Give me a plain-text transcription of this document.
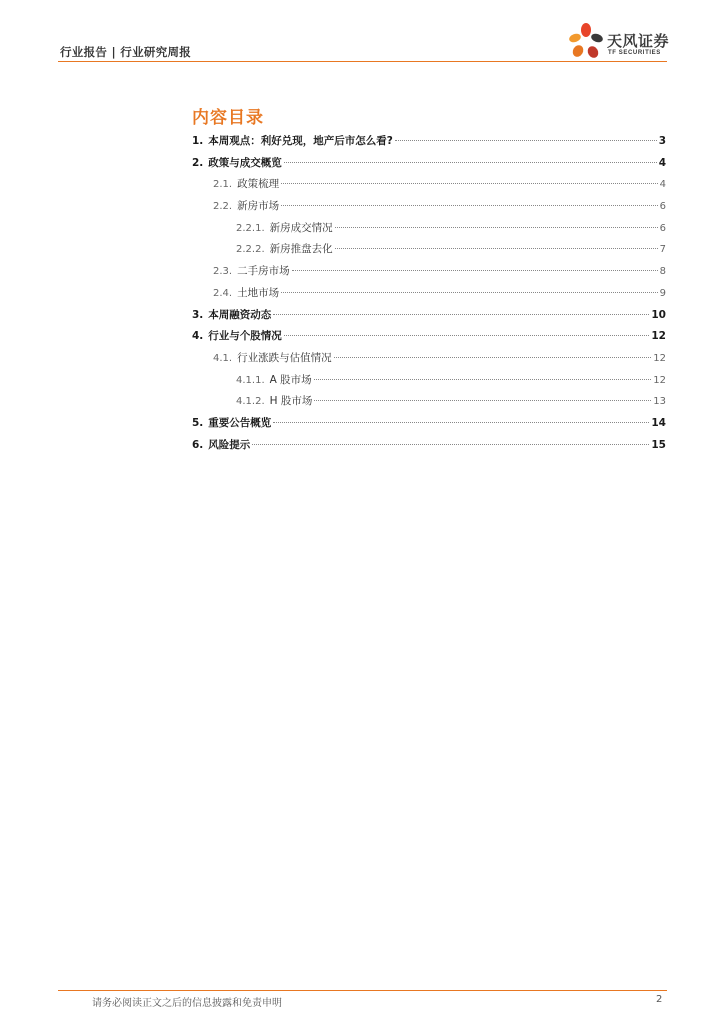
行业报告 | 行业研究周报
天风证券
TF SECURITIES
内容目录
1. 本周观点：利好兑现，地产后市怎么看?	3
2. 政策与成交概览	4
2.1. 政策梳理	4
2.2. 新房市场	6
2.2.1. 新房成交情况	6
2.2.2. 新房推盘去化	7
2.3. 二手房市场	8
2.4. 土地市场	9
3. 本周融资动态	10
4. 行业与个股情况	12
4.1. 行业涨跌与估值情况	12
4.1.1. A 股市场	12
4.1.2. H 股市场	13
5. 重要公告概览	14
6. 风险提示	15
请务必阅读正文之后的信息披露和免责申明	2
